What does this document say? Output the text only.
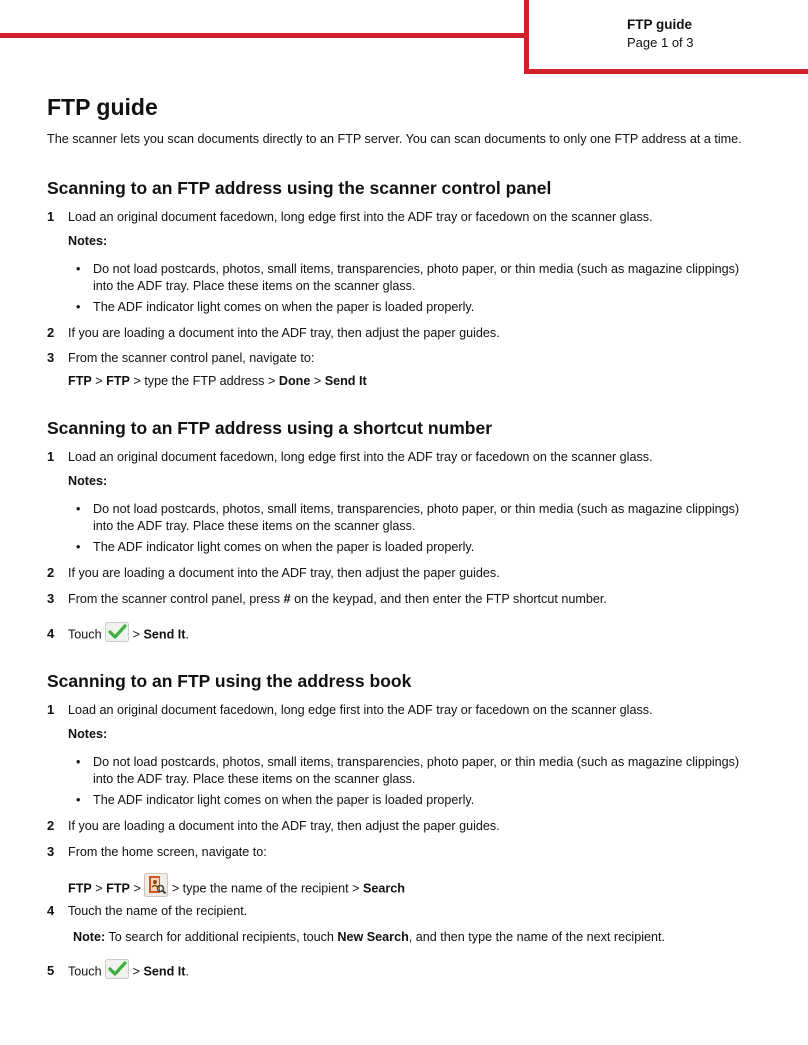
FTP guide
Page 1 of 3
FTP guide

The scanner lets you scan documents directly to an FTP server. You can scan documents to only one FTP address at a time.

Scanning to an FTP address using the scanner control panel
1 Load an original document facedown, long edge first into the ADF tray or facedown on the scanner glass.
Notes:
• Do not load postcards, photos, small items, transparencies, photo paper, or thin media (such as magazine clippings)
into the ADF tray. Place these items on the scanner glass.
• The ADF indicator light comes on when the paper is loaded properly.
2 If you are loading a document into the ADF tray, then adjust the paper guides.
3 From the scanner control panel, navigate to:
FTP > FTP > type the FTP address > Done > Send It
Scanning to an FTP address using a shortcut number
1 Load an original document facedown, long edge first into the ADF tray or facedown on the scanner glass.
Notes:
• Do not load postcards, photos, small items, transparencies, photo paper, or thin media (such as magazine clippings)
into the ADF tray. Place these items on the scanner glass.
• The ADF indicator light comes on when the paper is loaded properly.
2 If you are loading a document into the ADF tray, then adjust the paper guides.
3 From the scanner control panel, press # on the keypad, and then enter the FTP shortcut number.
4 Touch > Send It.
Scanning to an FTP using the address book
1 Load an original document facedown, long edge first into the ADF tray or facedown on the scanner glass.
Notes:
• Do not load postcards, photos, small items, transparencies, photo paper, or thin media (such as magazine clippings)
into the ADF tray. Place these items on the scanner glass.
• The ADF indicator light comes on when the paper is loaded properly.
2 If you are loading a document into the ADF tray, then adjust the paper guides.
3 From the home screen, navigate to:
FTP > FTP > > type the name of the recipient > Search
4 Touch the name of the recipient.
Note: To search for additional recipients, touch New Search, and then type the name of the next recipient.
5 Touch > Send It.
